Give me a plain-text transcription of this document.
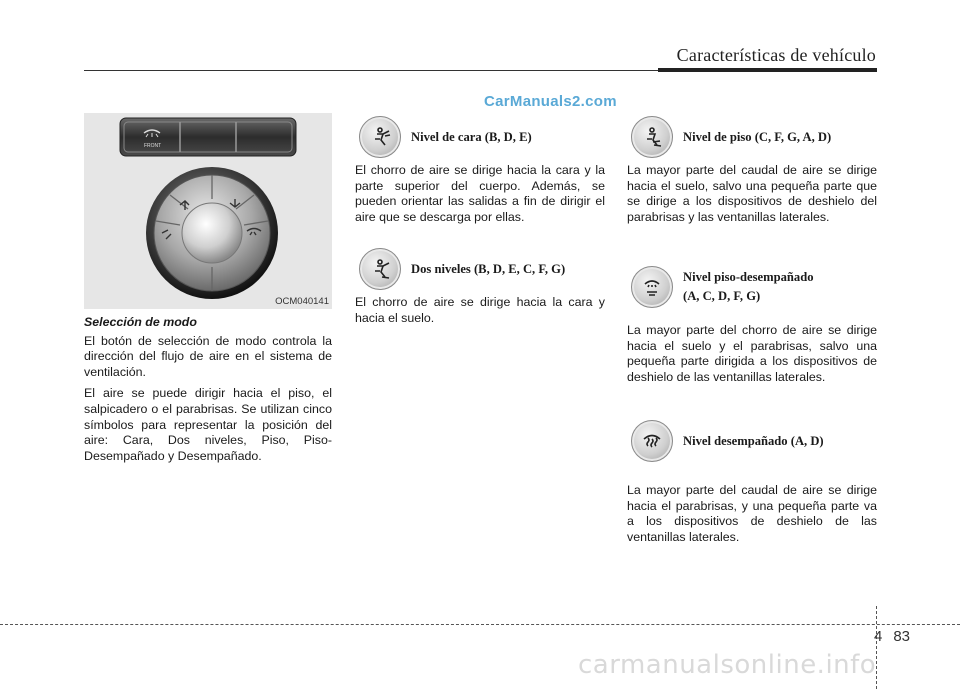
Características de vehículo
CarManuals2.com
FRONT
OCM040141
Selección de modo

El botón de selección de modo controla la dirección del flujo de aire en el sistema de ventilación.

El aire se puede dirigir hacia el piso, el salpicadero o el parabrisas. Se utilizan cinco símbolos para representar la posición del aire: Cara, Dos niveles, Piso, Piso-Desempañado y Desempañado.

Nivel de cara (B, D, E)
El chorro de aire se dirige hacia la cara y la parte superior del cuerpo. Además, se pueden orientar las salidas a fin de dirigir el aire que se descarga por ellas.
Dos niveles (B, D, E, C, F, G)
El chorro de aire se dirige hacia la cara y hacia el suelo.
Nivel de piso (C, F, G, A, D)
La mayor parte del caudal de aire se dirige hacia el suelo, salvo una pequeña parte que se dirige a los dispositivos de deshielo del parabrisas y las ventanillas laterales.
Nivel piso-desempañado
(A, C, D, F, G)
La mayor parte del chorro de aire se dirige hacia el suelo y el parabrisas, salvo una pequeña parte dirigida a los dispositivos de deshielo de las ventanillas laterales.
Nivel desempañado (A, D)
La mayor parte del caudal de aire se dirige hacia el parabrisas, y una pequeña parte va a los dispositivos de deshielo de las ventanillas laterales.
4 83
carmanualsonline.info
